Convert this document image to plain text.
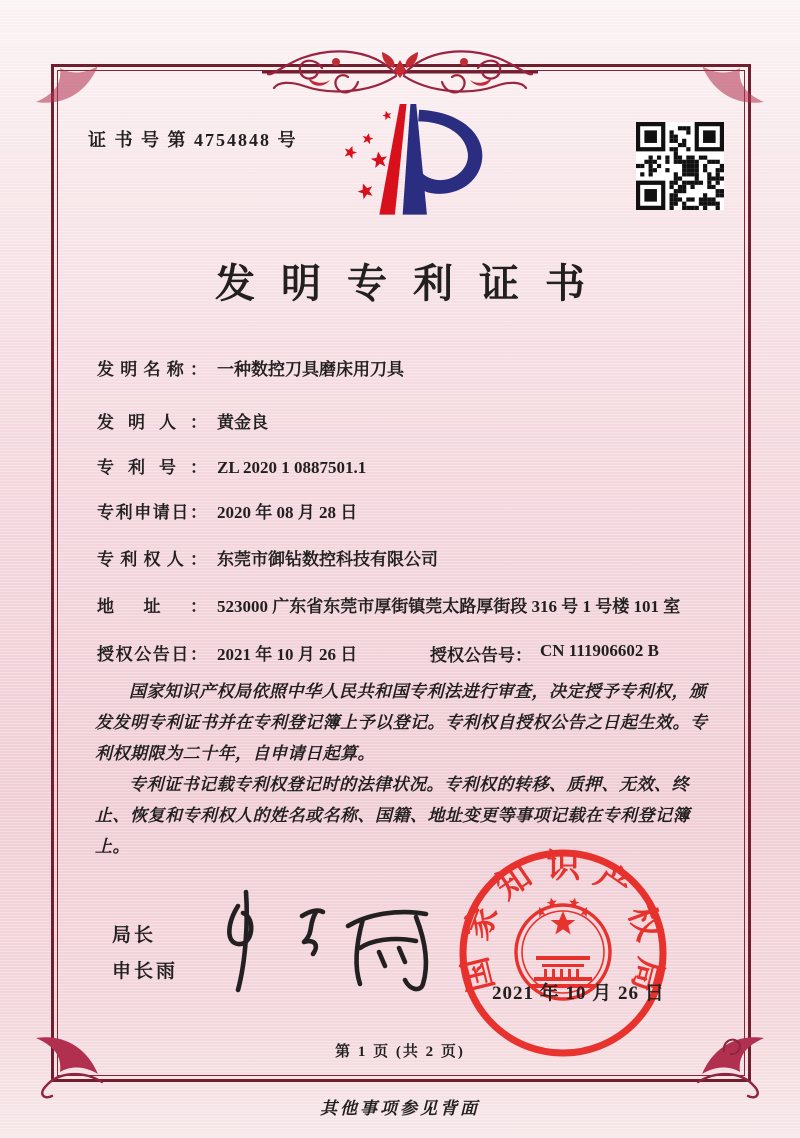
证 书 号 第 4754848 号
发明专利证书
发明名称： 一种数控刀具磨床用刀具
发明人： 黄金良
专利号： ZL 2020 1 0887501.1
专利申请日： 2020 年 08 月 28 日
专利权人： 东莞市御钻数控科技有限公司
地址： 523000 广东省东莞市厚街镇莞太路厚街段 316 号 1 号楼 101 室
授权公告日： 2021 年 10 月 26 日	授权公告号： CN 111906602 B

国家知识产权局依照中华人民共和国专利法进行审查，决定授予专利权，颁发发明专利证书并在专利登记簿上予以登记。专利权自授权公告之日起生效。专利权期限为二十年，自申请日起算。

专利证书记载专利权登记时的法律状况。专利权的转移、质押、无效、终止、恢复和专利权人的姓名或名称、国籍、地址变更等事项记载在专利登记簿上。

局长
申长雨	国家知识产权局
2021 年 10 月 26 日
第 1 页 (共 2 页)
其他事项参见背面
